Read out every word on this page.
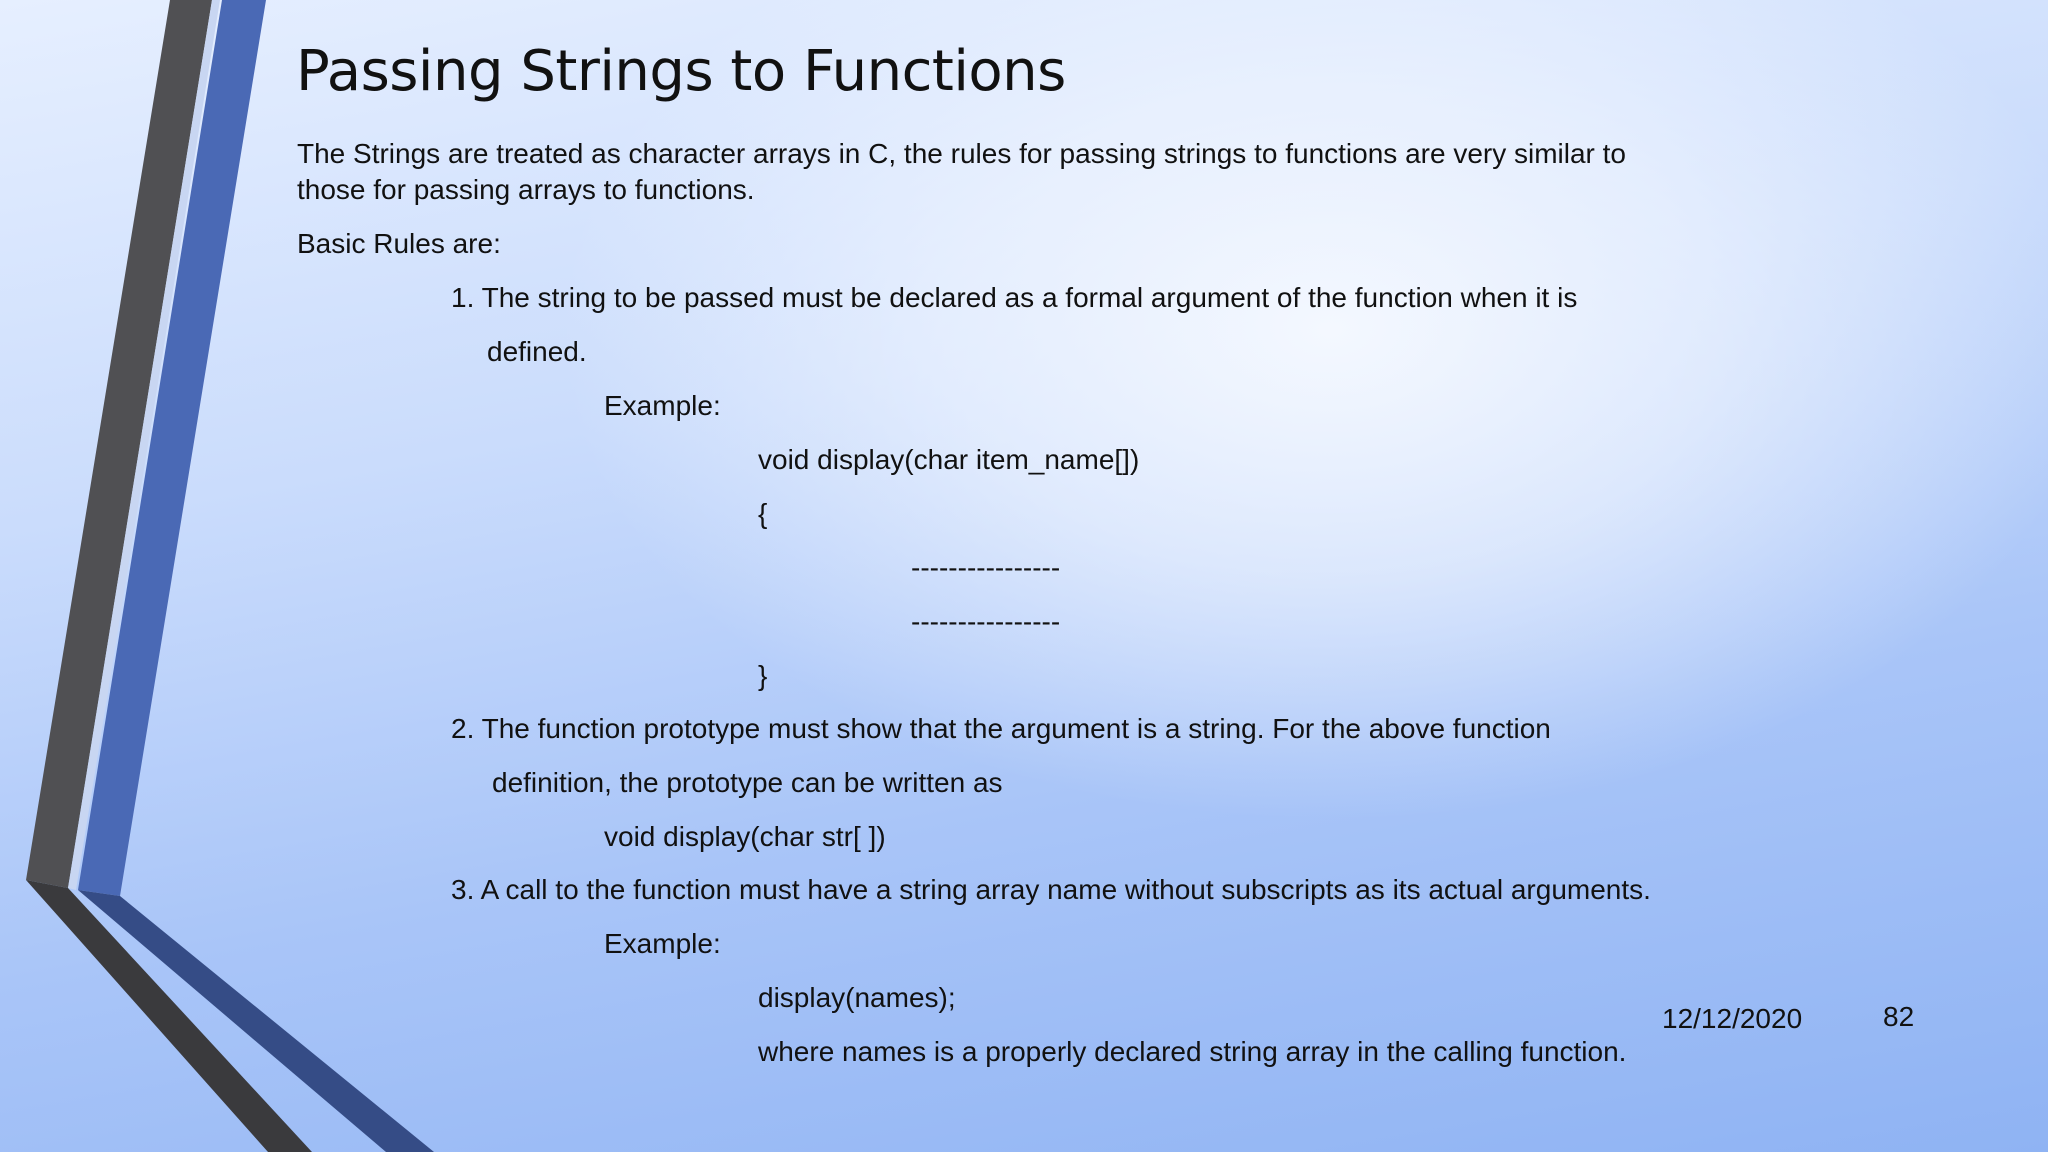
Passing Strings to Functions
The Strings are treated as character arrays in C, the rules for passing strings to functions are very similar to
those for passing arrays to functions.
Basic Rules are:
1. The string to be passed must be declared as a formal argument of the function when it is
defined.
Example:
void display(char item_name[])
{
----------------
----------------
}
2. The function prototype must show that the argument is a string. For the above function
definition, the prototype can be written as
void display(char str[ ])
3. A call to the function must have a string array name without subscripts as its actual arguments.
Example:
display(names);
where names is a properly declared string array in the calling function.
12/12/2020	82
